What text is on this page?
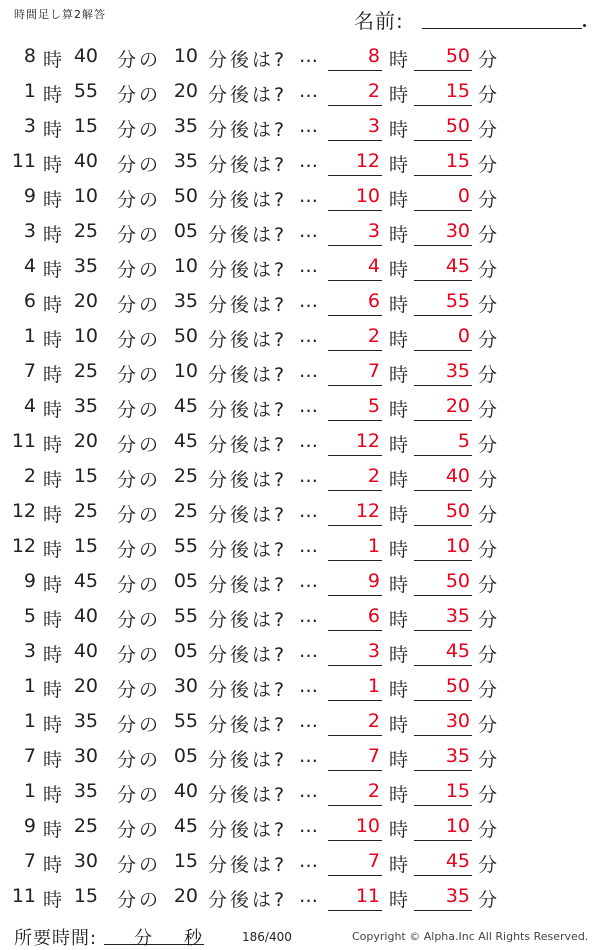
時間足し算2解答	名前:
8 時 40 分の 10 分後は? …	8 時	50 分
1 時 55 分の 20 分後は? …	2 時	15 分
3 時 15 分の 35 分後は? …	3 時	50 分
11 時 40 分の 35 分後は? …	12 時	15 分
9 時 10 分の 50 分後は? …	10 時	0 分
3 時 25 分の 05 分後は? …	3 時	30 分
4 時 35 分の 10 分後は? …	4 時	45 分
6 時 20 分の 35 分後は? …	6 時	55 分
1 時 10 分の 50 分後は? …	2 時	0 分
7 時 25 分の 10 分後は? …	7 時	35 分
4 時 35 分の 45 分後は? …	5 時	20 分
11 時 20 分の 45 分後は? …	12 時	5 分
2 時 15 分の 25 分後は? …	2 時	40 分
12 時 25 分の 25 分後は? …	12 時	50 分
12 時 15 分の 55 分後は? …	1 時	10 分
9 時 45 分の 05 分後は? …	9 時	50 分
5 時 40 分の 55 分後は? …	6 時	35 分
3 時 40 分の 05 分後は? …	3 時	45 分
1 時 20 分の 30 分後は? …	1 時	50 分
1 時 35 分の 55 分後は? …	2 時	30 分
7 時 30 分の 05 分後は? …	7 時	35 分
1 時 35 分の 40 分後は? …	2 時	15 分
9 時 25 分の 45 分後は? …	10 時	10 分
7 時 30 分の 15 分後は? …	7 時	45 分
11 時 15 分の 20 分後は? …	11 時	35 分
所要時間: 分 秒	186/400	Copyright © Alpha.Inc All Rights Reserved.
